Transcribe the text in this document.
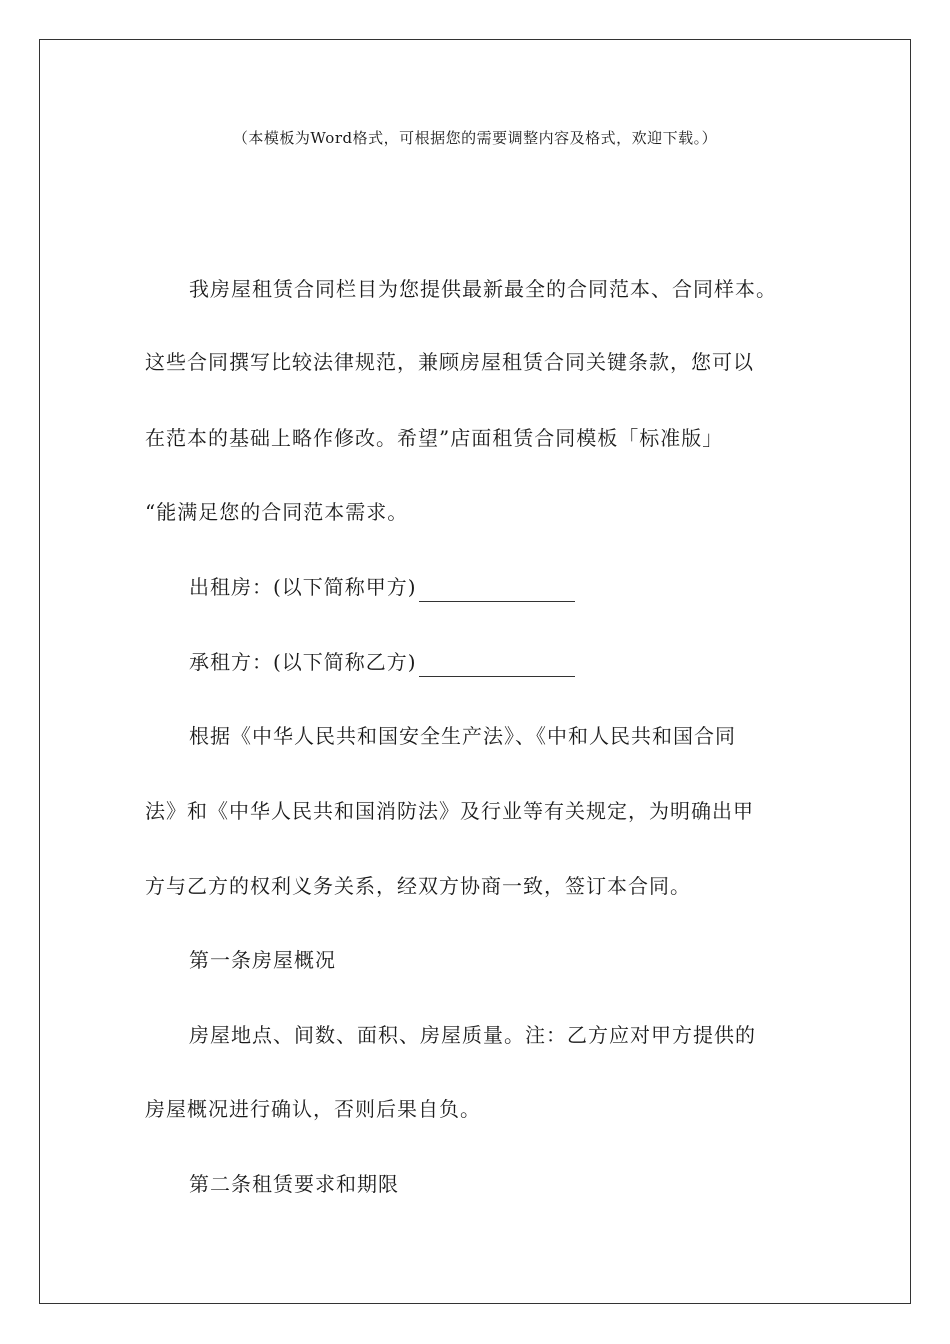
（本模板为Word格式，可根据您的需要调整内容及格式，欢迎下载。）
我房屋租赁合同栏目为您提供最新最全的合同范本、合同样本。
这些合同撰写比较法律规范，兼顾房屋租赁合同关键条款，您可以
在范本的基础上略作修改。希望”店面租赁合同模板「标准版」
“能满足您的合同范本需求。
出租房：(以下简称甲方)
承租方：(以下简称乙方)
根据《中华人民共和国安全生产法》、《中和人民共和国合同
法》和《中华人民共和国消防法》及行业等有关规定，为明确出甲
方与乙方的权利义务关系，经双方协商一致，签订本合同。
第一条房屋概况
房屋地点、间数、面积、房屋质量。注：乙方应对甲方提供的
房屋概况进行确认，否则后果自负。
第二条租赁要求和期限
